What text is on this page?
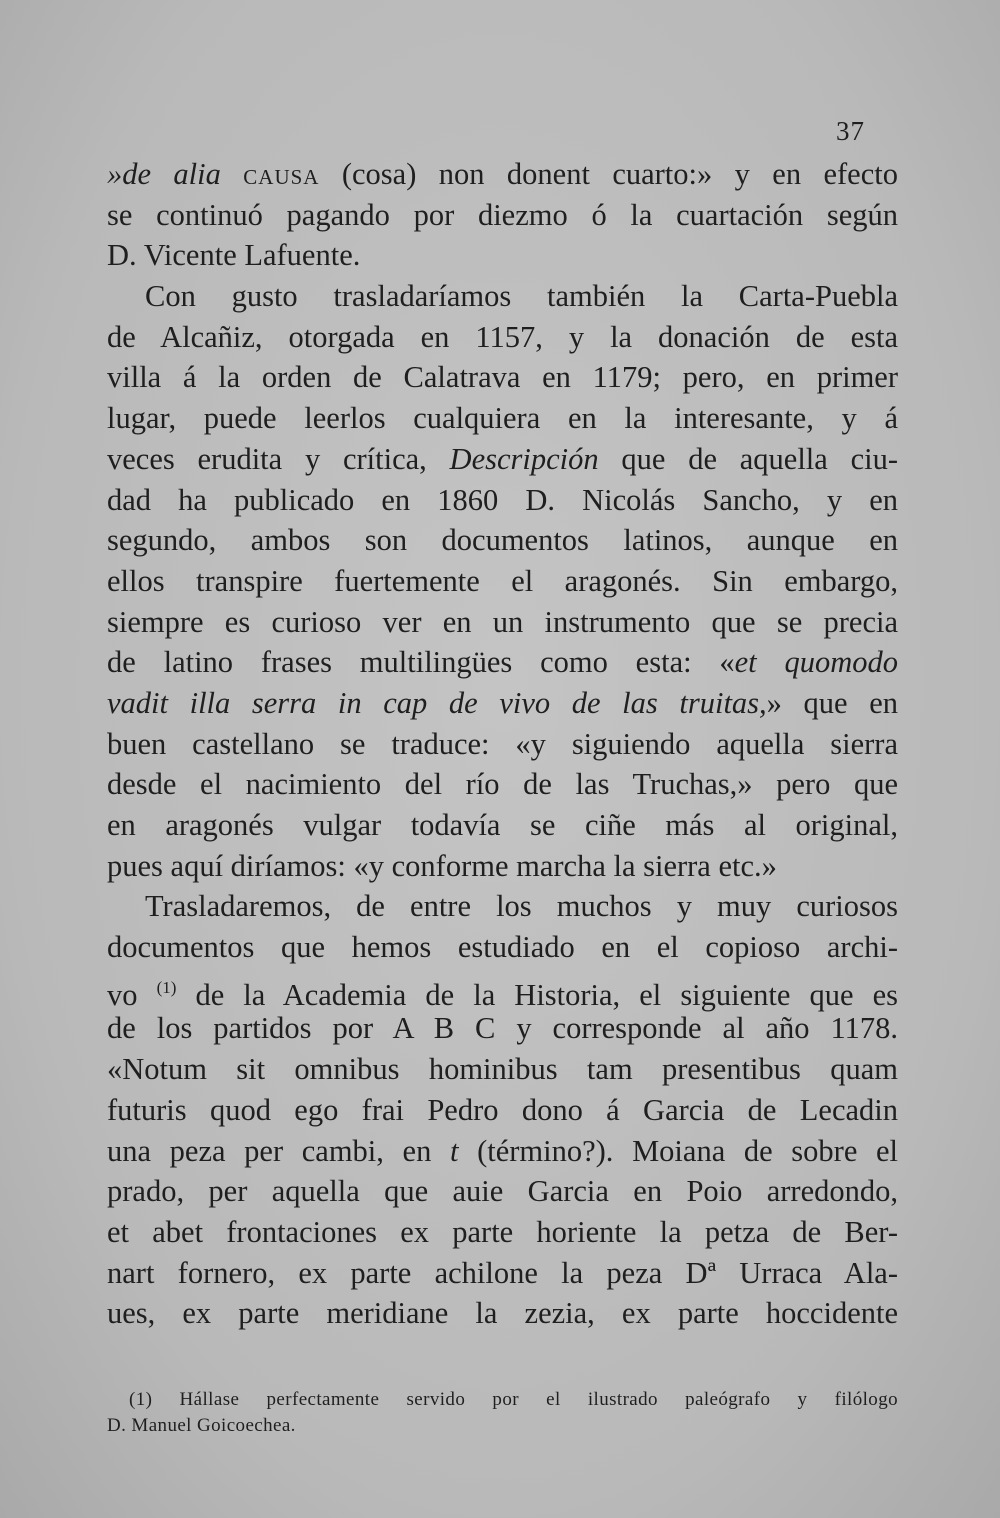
37
»de alia causa (cosa) non donent cuarto:» y en efecto
se continuó pagando por diezmo ó la cuartación según
D. Vicente Lafuente.
Con gusto trasladaríamos también la Carta-Puebla
de Alcañiz, otorgada en 1157, y la donación de esta
villa á la orden de Calatrava en 1179; pero, en primer
lugar, puede leerlos cualquiera en la interesante, y á
veces erudita y crítica, Descripción que de aquella ciu-
dad ha publicado en 1860 D. Nicolás Sancho, y en
segundo, ambos son documentos latinos, aunque en
ellos transpire fuertemente el aragonés. Sin embargo,
siempre es curioso ver en un instrumento que se precia
de latino frases multilingües como esta: «et quomodo
vadit illa serra in cap de vivo de las truitas,» que en
buen castellano se traduce: «y siguiendo aquella sierra
desde el nacimiento del río de las Truchas,» pero que
en aragonés vulgar todavía se ciñe más al original,
pues aquí diríamos: «y conforme marcha la sierra etc.»
Trasladaremos, de entre los muchos y muy curiosos
documentos que hemos estudiado en el copioso archi-
vo $^{(1)}$ de la Academia de la Historia, el siguiente que es
de los partidos por A B C y corresponde al año 1178.
«Notum sit omnibus hominibus tam presentibus quam
futuris quod ego frai Pedro dono á Garcia de Lecadin
una peza per cambi, en t (término?). Moiana de sobre el
prado, per aquella que auie Garcia en Poio arredondo,
et abet frontaciones ex parte horiente la petza de Ber-
nart fornero, ex parte achilone la peza Dª Urraca Ala-
ues, ex parte meridiane la zezia, ex parte hoccidente
(1) Hállase perfectamente servido por el ilustrado paleógrafo y filólogo
D. Manuel Goicoechea.
